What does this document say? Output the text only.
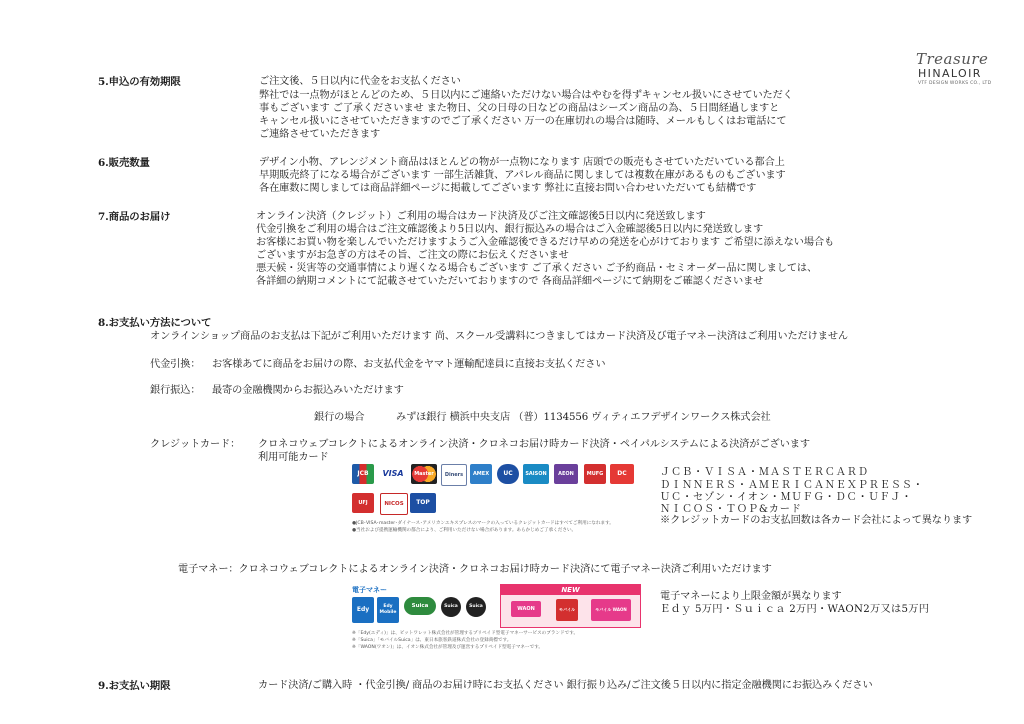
Treasure
HINALOIR
VTF DESIGN WORKS CO., LTD
5.申込の有効期限	ご注文後、５日以内に代金をお支払ください
弊社では一点物がほとんどのため、５日以内にご連絡いただけない場合はやむを得ずキャンセル扱いにさせていただく
事もございます ご了承くださいませ また物日、父の日母の日などの商品はシーズン商品の為、５日間経過しますと
キャンセル扱いにさせていただきますのでご了承ください 万一の在庫切れの場合は随時、メールもしくはお電話にて
ご連絡させていただきます
6.販売数量	デザイン小物、アレンジメント商品はほとんどの物が一点物になります 店頭での販売もさせていただいている都合上
早期販売終了になる場合がございます 一部生活雑貨、アパレル商品に関しましては複数在庫があるものもございます
各在庫数に関しましては商品詳細ページに掲載してございます 弊社に直接お問い合わせいただいても結構です
7.商品のお届け	オンライン決済（クレジット）ご利用の場合はカード決済及びご注文確認後5日以内に発送致します
代金引換をご利用の場合はご注文確認後より5日以内、銀行振込みの場合はご入金確認後5日以内に発送致します
お客様にお買い物を楽しんでいただけますようご入金確認後できるだけ早めの発送を心がけております ご希望に添えない場合も
ございますがお急ぎの方はその旨、ご注文の際にお伝えくださいませ
悪天候・災害等の交通事情により遅くなる場合もございます ご了承ください ご予約商品・セミオーダー品に関しましては、
各詳細の納期コメントにて記載させていただいておりますので 各商品詳細ページにて納期をご確認くださいませ
8.お支払い方法について
オンラインショップ商品のお支払は下記がご利用いただけます 尚、スクール受講料につきましてはカード決済及び電子マネー決済はご利用いただけません
代金引換： お客様あてに商品をお届けの際、お支払代金をヤマト運輸配達員に直接お支払ください
銀行振込： 最寄の金融機関からお振込みいただけます
銀行の場合	みずほ銀行 横浜中央支店 （普）1134556 ヴィティエフデザインワークス株式会社
クレジットカード： クロネコウェブコレクトによるオンライン決済・クロネコお届け時カード決済・ペイパルシステムによる決済がございます
利用可能カード
JCB	VISA	Master	Diners	AMEX	UC	SAISON	AEON	MUFG	DC
UFJ	NICOS	TOP
●JCB･VISA･master･ダイナース･アメリカンエキスプレスのマークの入っているクレジットカードはすべてご利用になれます。
●当社および提携運輸機関の都合により、ご利用いただけない場合があります。あらかじめご了承ください。
ＪＣＢ・ＶＩＳＡ・ＭＡＳＴＥＲＣＡＲＤ
ＤＩＮＮＥＲＳ・ＡＭＥＲＩＣＡＮＥＸＰＲＥＳＳ・
ＵＣ・セゾン・イオン・ＭＵＦＧ・ＤＣ・ＵＦＪ・
ＮＩＣＯＳ・ＴＯＰ&カード
※クレジットカードのお支払回数は各カード会社によって異なります
電子マネー：クロネコウェブコレクトによるオンライン決済・クロネコお届け時カード決済にて電子マネー決済ご利用いただけます
電子マネー
Edy	Edy Mobile
Suica	Suica	Suica
NEW
WAON	モバイル	モバイル WAON
※「Edy(エディ)」は、ビットワレット株式会社が管理するプリペイド型電子マネーサービスのブランドです。
※「Suica」「モバイルSuica」は、東日本旅客鉄道株式会社の登録商標です。
※「WAON(ワオン)」は、イオン株式会社が管理及び運営するプリペイド型電子マネーです。
電子マネーにより上限金額が異なります
Ｅｄｙ 5万円・Ｓｕｉｃａ 2万円・WAON2万又は5万円
9.お支払い期限	カード決済/ご購入時 ・代金引換/ 商品のお届け時にお支払ください 銀行振り込み/ご注文後５日以内に指定金融機関にお振込みください
